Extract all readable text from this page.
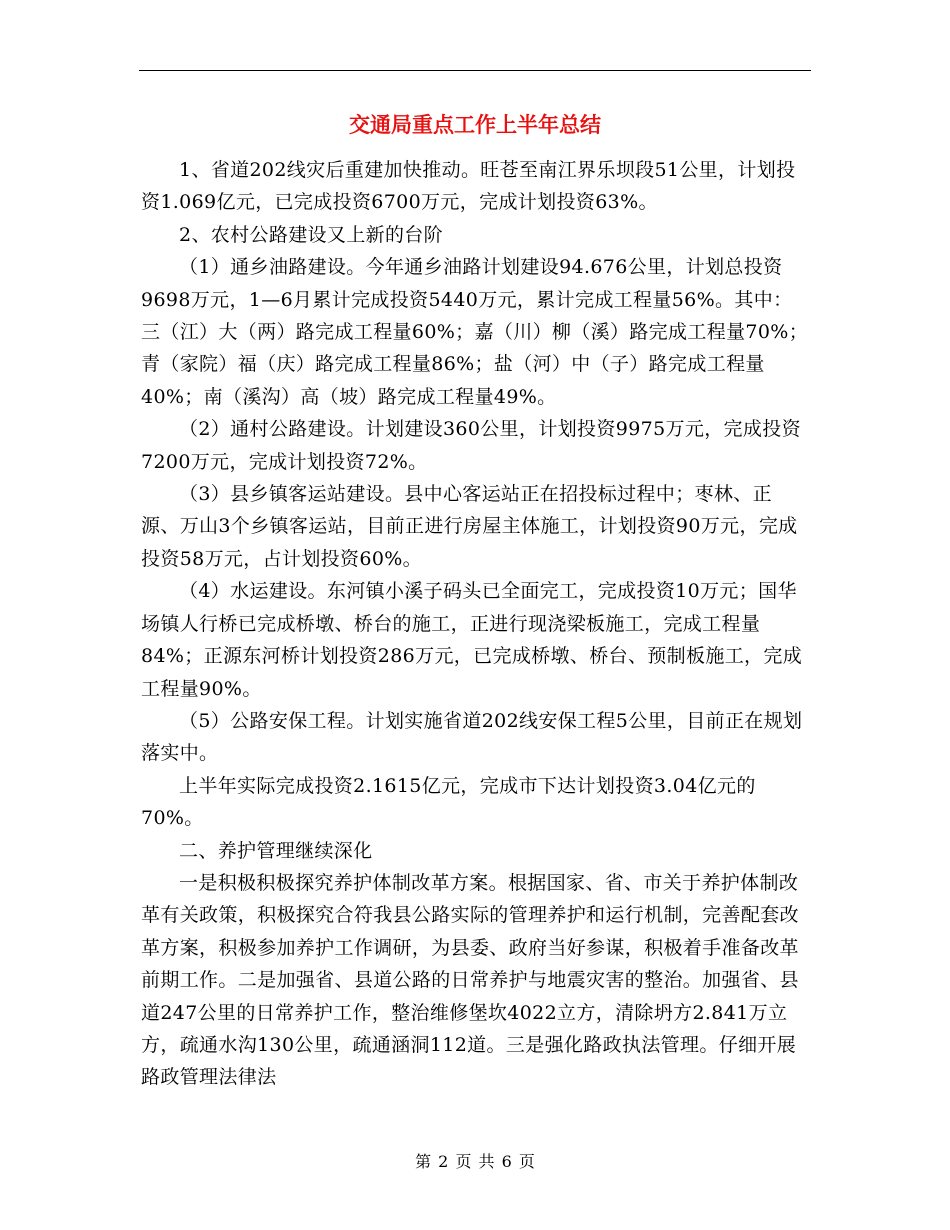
交通局重点工作上半年总结

1、省道202线灾后重建加快推动。旺苍至南江界乐坝段51公里，计划投资1.069亿元，已完成投资6700万元，完成计划投资63%。

2、农村公路建设又上新的台阶

（1）通乡油路建设。今年通乡油路计划建设94.676公里，计划总投资9698万元，1—6月累计完成投资5440万元，累计完成工程量56%。其中：三（江）大（两）路完成工程量60%；嘉（川）柳（溪）路完成工程量70%；青（家院）福（庆）路完成工程量86%；盐（河）中（子）路完成工程量40%；南（溪沟）高（坡）路完成工程量49%。

（2）通村公路建设。计划建设360公里，计划投资9975万元，完成投资7200万元，完成计划投资72%。

（3）县乡镇客运站建设。县中心客运站正在招投标过程中；枣林、正源、万山3个乡镇客运站，目前正进行房屋主体施工，计划投资90万元，完成投资58万元，占计划投资60%。

（4）水运建设。东河镇小溪子码头已全面完工，完成投资10万元；国华场镇人行桥已完成桥墩、桥台的施工，正进行现浇梁板施工，完成工程量84%；正源东河桥计划投资286万元，已完成桥墩、桥台、预制板施工，完成工程量90%。

（5）公路安保工程。计划实施省道202线安保工程5公里，目前正在规划落实中。

上半年实际完成投资2.1615亿元，完成市下达计划投资3.04亿元的70%。

二、养护管理继续深化

一是积极积极探究养护体制改革方案。根据国家、省、市关于养护体制改革有关政策，积极探究合符我县公路实际的管理养护和运行机制，完善配套改革方案，积极参加养护工作调研，为县委、政府当好参谋，积极着手准备改革前期工作。二是加强省、县道公路的日常养护与地震灾害的整治。加强省、县道247公里的日常养护工作，整治维修堡坎4022立方，清除坍方2.841万立方，疏通水沟130公里，疏通涵洞112道。三是强化路政执法管理。仔细开展路政管理法律法

第 2 页 共 6 页
